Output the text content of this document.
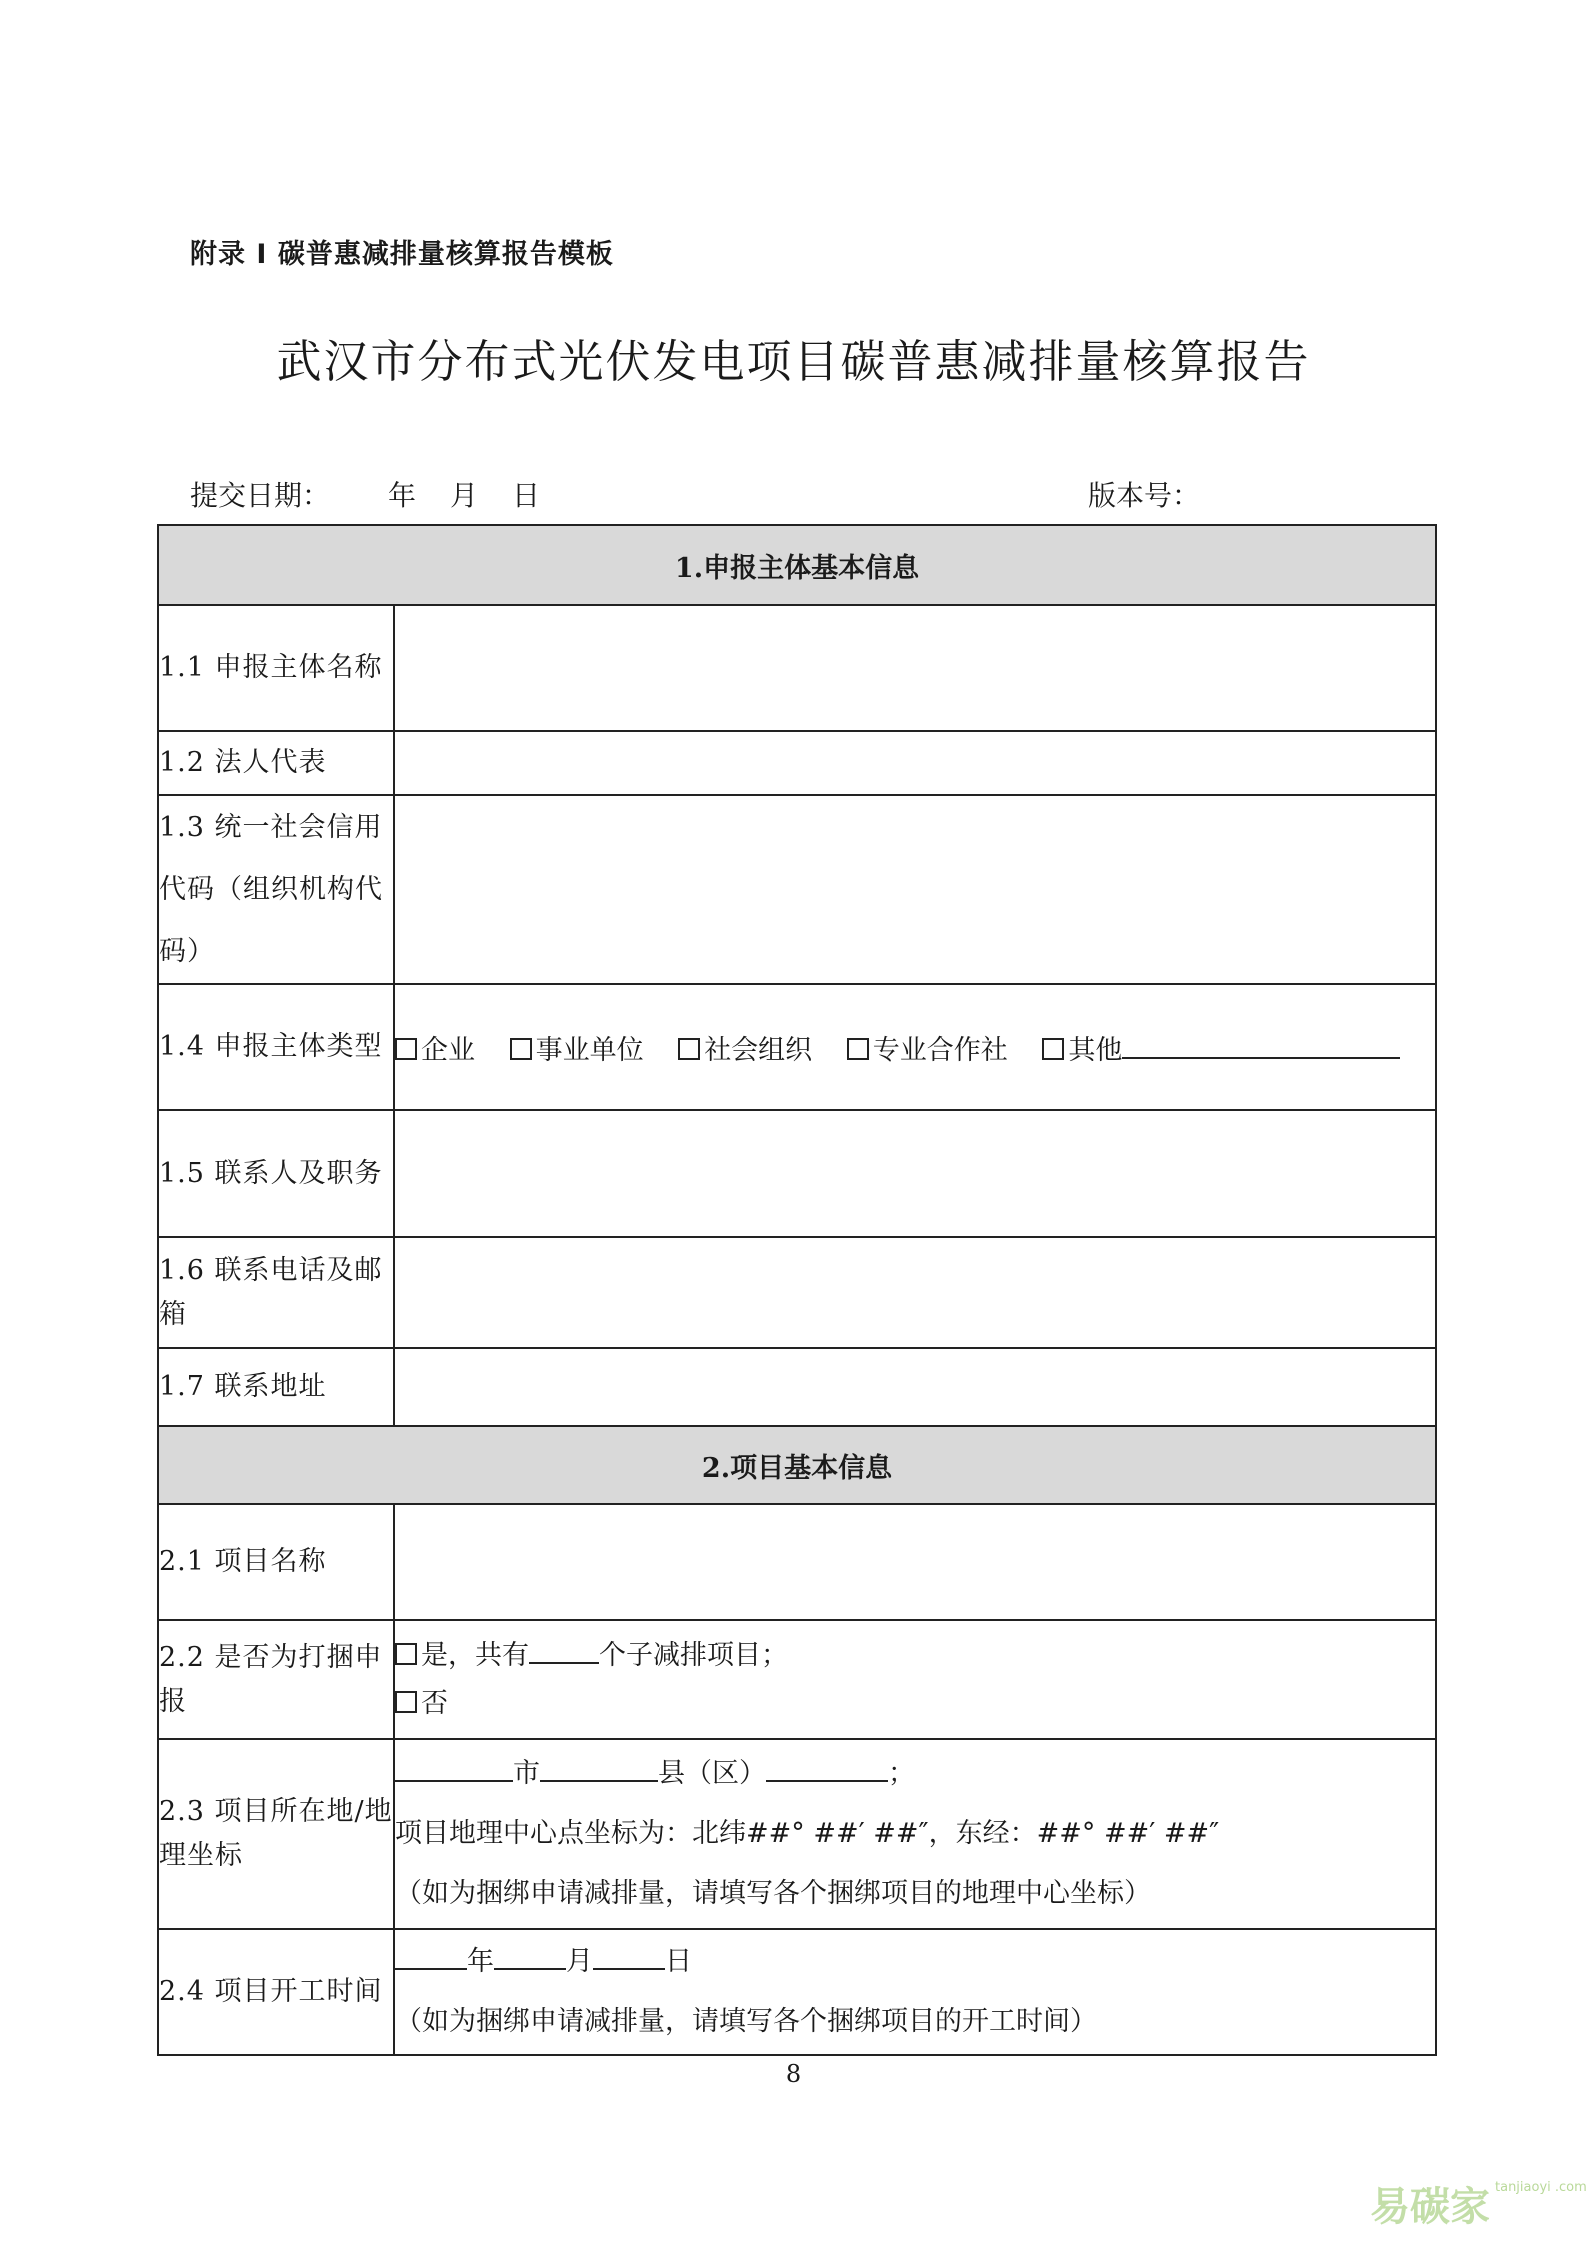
附录 I 碳普惠减排量核算报告模板
武汉市分布式光伏发电项目碳普惠减排量核算报告
提交日期： 年 月 日	版本号：
1.申报主体基本信息	
1.1 申报主体名称	
1.2 法人代表	
1.3 统一社会信用代码（组织机构代码）	
1.4 申报主体类型	企业 事业单位 社会组织 专业合作社 其他
1.5 联系人及职务	
1.6 联系电话及邮箱	
1.7 联系地址	
2.项目基本信息	
2.1 项目名称	
2.2 是否为打捆申报	是，共有 个子减排项目；
否

2.3 项目所在地/地理坐标	市 县（区） ；
项目地理中心点坐标为：北纬##° ##′ ##″，东经：##° ##′ ##″
（如为捆绑申请减排量，请填写各个捆绑项目的地理中心坐标）

2.4 项目开工时间	年 月 日
（如为捆绑申请减排量，请填写各个捆绑项目的开工时间）
8
易碳家 tanjiaoyi .com
